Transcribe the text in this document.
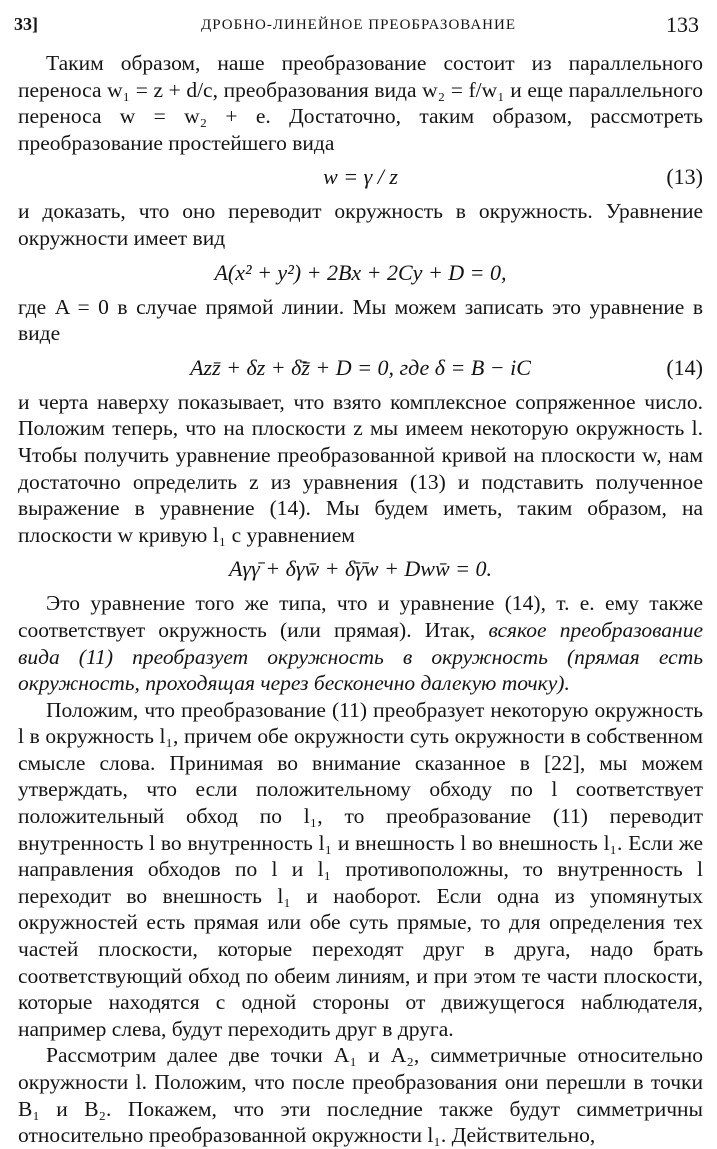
33]	ДРОБНО-ЛИНЕЙНОЕ ПРЕОБРАЗОВАНИЕ	133

Таким образом, наше преобразование состоит из параллельного переноса w₁ = z + d/c, преобразования вида w₂ = f/w₁ и еще параллельного переноса w = w₂ + e. Достаточно, таким образом, рассмотреть преобразование простейшего вида

w = γ / z	(13)

и доказать, что оно переводит окружность в окружность. Уравнение окружности имеет вид

A(x² + y²) + 2Bx + 2Cy + D = 0,

где A = 0 в случае прямой линии. Мы можем записать это уравнение в виде

Azz̄ + δz + δ̄z̄ + D = 0, где δ = B − iC	(14)

и черта наверху показывает, что взято комплексное сопряженное число. Положим теперь, что на плоскости z мы имеем некоторую окружность l. Чтобы получить уравнение преобразованной кривой на плоскости w, нам достаточно определить z из уравнения (13) и подставить полученное выражение в уравнение (14). Мы будем иметь, таким образом, на плоскости w кривую l₁ с уравнением

Aγγ̄ + δγw̄ + δ̄γ̄w + Dww̄ = 0.

Это уравнение того же типа, что и уравнение (14), т. е. ему также соответствует окружность (или прямая). Итак, всякое преобразование вида (11) преобразует окружность в окружность (прямая есть окружность, проходящая через бесконечно далекую точку).

Положим, что преобразование (11) преобразует некоторую окружность l в окружность l₁, причем обе окружности суть окружности в собственном смысле слова. Принимая во внимание сказанное в [22], мы можем утверждать, что если положительному обходу по l соответствует положительный обход по l₁, то преобразование (11) переводит внутренность l во внутренность l₁ и внешность l во внешность l₁. Если же направления обходов по l и l₁ противоположны, то внутренность l переходит во внешность l₁ и наоборот. Если одна из упомянутых окружностей есть прямая или обе суть прямые, то для определения тех частей плоскости, которые переходят друг в друга, надо брать соответствующий обход по обеим линиям, и при этом те части плоскости, которые находятся с одной стороны от движущегося наблюдателя, например слева, будут переходить друг в друга.

Рассмотрим далее две точки A₁ и A₂, симметричные относительно окружности l. Положим, что после преобразования они перешли в точки B₁ и B₂. Покажем, что эти последние также будут симметричны относительно преобразованной окружности l₁. Действительно,
